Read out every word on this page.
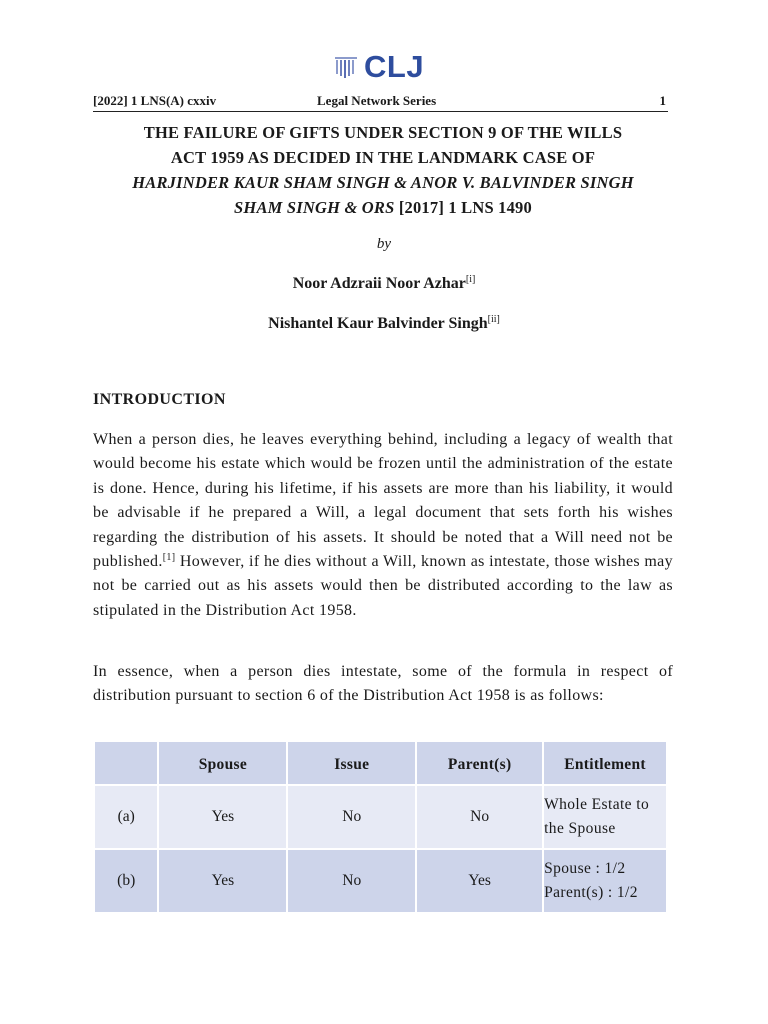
CLJ
[2022] 1 LNS(A) cxxiv	Legal Network Series	1
THE FAILURE OF GIFTS UNDER SECTION 9 OF THE WILLS
ACT 1959 AS DECIDED IN THE LANDMARK CASE OF
HARJINDER KAUR SHAM SINGH & ANOR V. BALVINDER SINGH
SHAM SINGH & ORS [2017] 1 LNS 1490
by
Noor Adzraii Noor Azhar[i]
Nishantel Kaur Balvinder Singh[ii]
INTRODUCTION

When a person dies, he leaves everything behind, including a legacy of wealth that would become his estate which would be frozen until the administration of the estate is done. Hence, during his lifetime, if his assets are more than his liability, it would be advisable if he prepared a Will, a legal document that sets forth his wishes regarding the distribution of his assets. It should be noted that a Will need not be published.[1] However, if he dies without a Will, known as intestate, those wishes may not be carried out as his assets would then be distributed according to the law as stipulated in the Distribution Act 1958.

In essence, when a person dies intestate, some of the formula in respect of distribution pursuant to section 6 of the Distribution Act 1958 is as follows:

	Spouse	Issue	Parent(s)	Entitlement
(a)	Yes	No	No	Whole Estate to
the Spouse

(b)	Yes	No	Yes	Spouse : 1/2
Parent(s) : 1/2
